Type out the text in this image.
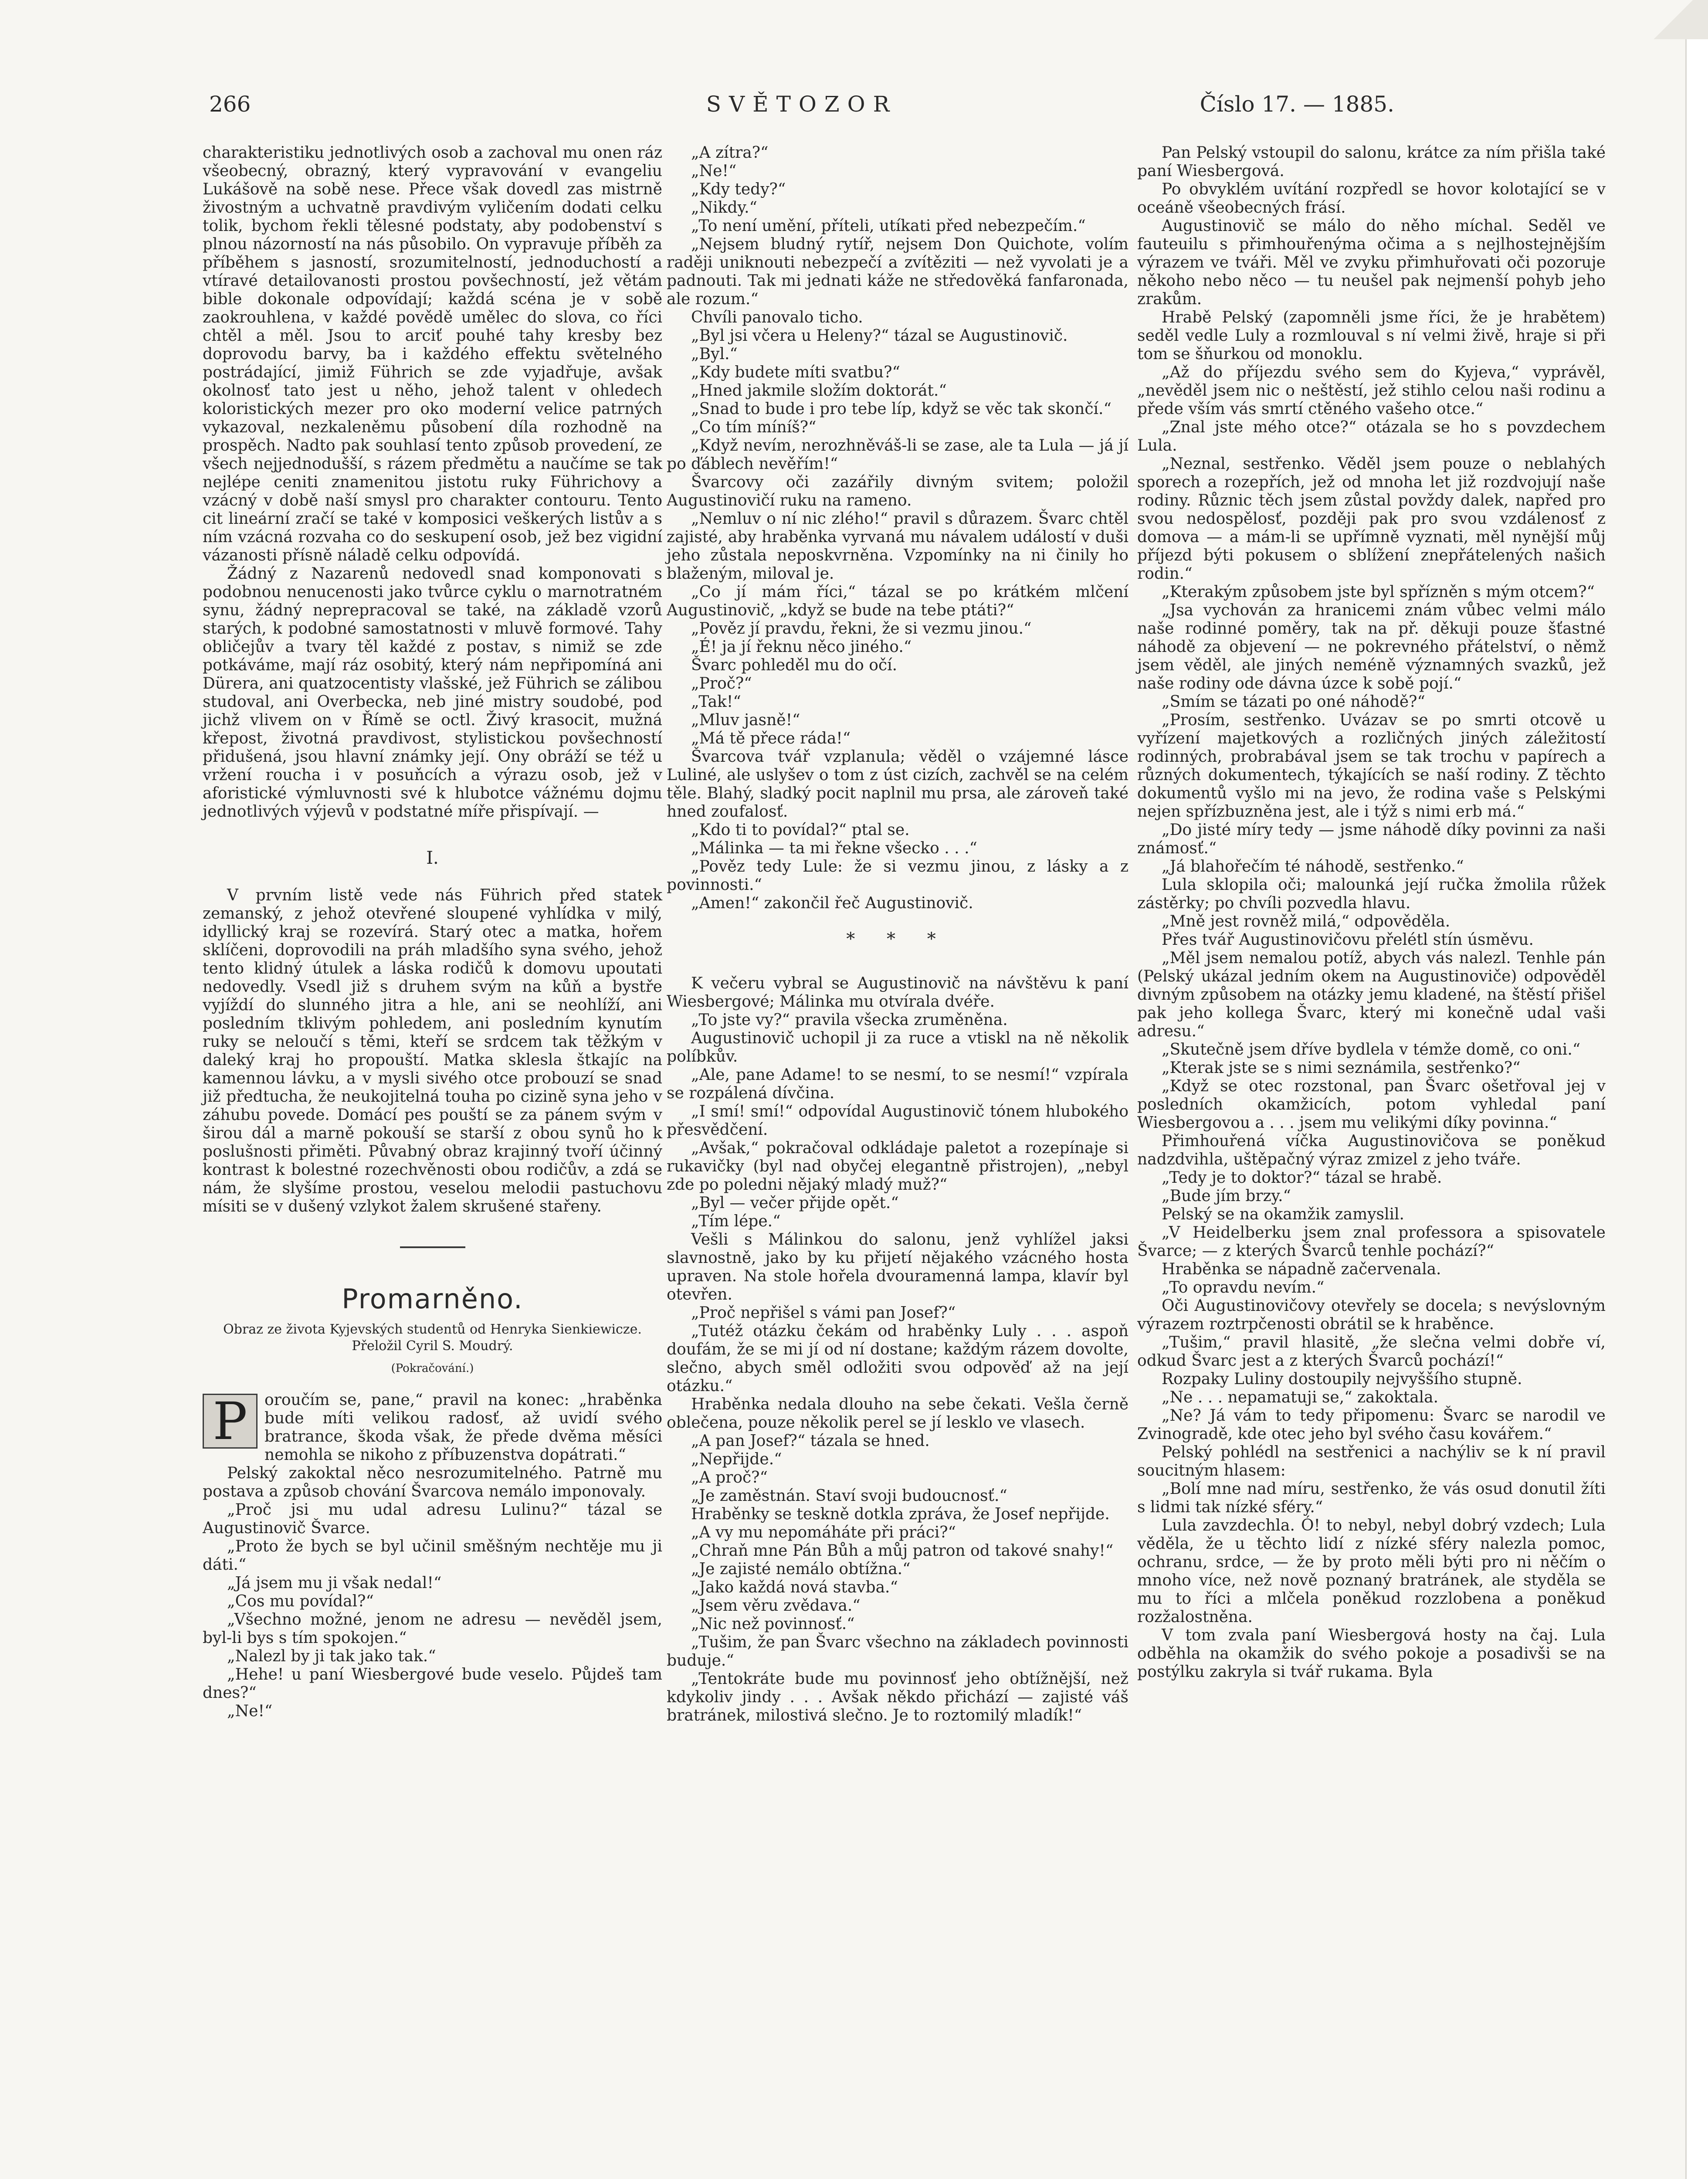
266	SVĚTOZOR	Číslo 17. — 1885.

charakteristiku jednotlivých osob a zachoval mu onen ráz všeobecný, obrazný, který vypravování v evangeliu Lukášově na sobě nese. Přece však dovedl zas mistrně živostným a uchvatně pravdivým vyličením dodati celku tolik, bychom řekli tělesné podstaty, aby podobenství s plnou názorností na nás působilo. On vypravuje příběh za příběhem s jasností, srozumitelností, jednoduchostí a vtíravé detailovanosti prostou povšechností, jež větám bible dokonale odpovídají; každá scéna je v sobě zaokrouhlena, v každé povědě umělec do slova, co říci chtěl a měl. Jsou to arciť pouhé tahy kresby bez doprovodu barvy, ba i každého effektu světelného postrádající, jimiž Führich se zde vyjadřuje, avšak okolnosť tato jest u něho, jehož talent v ohledech koloristických mezer pro oko moderní velice patrných vykazoval, nezkaleněmu působení díla rozhodně na prospěch. Nadto pak souhlasí tento způsob provedení, ze všech nejjednodušší, s rázem předmětu a naučíme se tak nejlépe ceniti znamenitou jistotu ruky Führichovy a vzácný v době naší smysl pro charakter contouru. Tento cit lineární zračí se také v komposici veškerých listův a s ním vzácná rozvaha co do seskupení osob, jež bez vigidní vázanosti přísně náladě celku odpovídá.

Žádný z Nazarenů nedovedl snad komponovati s podobnou nenucenosti jako tvůrce cyklu o marnotratném synu, žádný neprepracoval se také, na základě vzorů starých, k podobné samostatnosti v mluvě formové. Tahy obličejův a tvary těl každé z postav, s nimiž se zde potkáváme, mají ráz osobitý, který nám nepřipomíná ani Dürera, ani quatzocentisty vlašské, jež Führich se zálibou studoval, ani Overbecka, neb jiné mistry soudobé, pod jichž vlivem on v Římě se octl. Živý krasocit, mužná křepost, životná pravdivost, stylistickou povšechností přidušená, jsou hlavní známky její. Ony obráží se též u vržení roucha i v posuňcích a výrazu osob, jež v aforistické výmluvnosti své k hlubotce vážnému dojmu jednotlivých výjevů v podstatné míře přispívají. —

I.

V prvním listě vede nás Führich před statek zemanský, z jehož otevřené sloupené vyhlídka v milý, idyllický kraj se rozevírá. Starý otec a matka, hořem sklíčeni, doprovodili na práh mladšího syna svého, jehož tento klidný útulek a láska rodičů k domovu upoutati nedovedly. Vsedl již s druhem svým na kůň a bystře vyjíždí do slunného jitra a hle, ani se neohlíží, ani posledním tklivým pohledem, ani posledním kynutím ruky se neloučí s těmi, kteří se srdcem tak těžkým v daleký kraj ho propouští. Matka sklesla štkajíc na kamennou lávku, a v mysli sivého otce probouzí se snad již předtucha, že neukojitelná touha po cizině syna jeho v záhubu povede. Domácí pes pouští se za pánem svým v širou dál a marně pokouší se starší z obou synů ho k poslušnosti přiměti. Půvabný obraz krajinný tvoří účinný kontrast k bolestné rozechvěnosti obou rodičův, a zdá se nám, že slyšíme prostou, veselou melodii pastuchovu mísiti se v dušený vzlykot žalem skrušené stařeny.

Promarněno.
Obraz ze života Kyjevských studentů od Henryka Sienkiewicze. Přeložil Cyril S. Moudrý.
(Pokračování.)

P	oroučím se, pane,“ pravil na konec: „hraběnka bude míti velikou radosť, až uvidí svého bratrance, škoda však, že přede dvěma měsíci nemohla se nikoho z příbuzenstva dopátrati.“

Pelský zakoktal něco nesrozumitelného. Patrně mu postava a způsob chování Švarcova nemálo imponovaly.

„Proč jsi mu udal adresu Lulinu?“ tázal se Augustinovič Švarce.

„Proto že bych se byl učinil směšným nechtěje mu ji dáti.“

„Já jsem mu ji však nedal!“

„Cos mu povídal?“

„Všechno možné, jenom ne adresu — nevěděl jsem, byl-li bys s tím spokojen.“

„Nalezl by ji tak jako tak.“

„Hehe! u paní Wiesbergové bude veselo. Půjdeš tam dnes?“

„Ne!“

„A zítra?“

„Ne!“

„Kdy tedy?“

„Nikdy.“

„To není umění, příteli, utíkati před nebezpečím.“

„Nejsem bludný rytíř, nejsem Don Quichote, volím raději uniknouti nebezpečí a zvítěziti — než vyvolati je a padnouti. Tak mi jednati káže ne středověká fanfaronada, ale rozum.“

Chvíli panovalo ticho.

„Byl jsi včera u Heleny?“ tázal se Augustinovič.

„Byl.“

„Kdy budete míti svatbu?“

„Hned jakmile složím doktorát.“

„Snad to bude i pro tebe líp, když se věc tak skončí.“

„Co tím míníš?“

„Když nevím, nerozhněváš-li se zase, ale ta Lula — já jí po ďáblech nevěřím!“

Švarcovy oči zazářily divným svitem; položil Augustinovičí ruku na rameno.

„Nemluv o ní nic zlého!“ pravil s důrazem. Švarc chtěl zajisté, aby hraběnka vyrvaná mu návalem událostí v duši jeho zůstala neposkvrněna. Vzpomínky na ni činily ho blaženým, miloval je.

„Co jí mám říci,“ tázal se po krátkém mlčení Augustinovič, „když se bude na tebe ptáti?“

„Pověz jí pravdu, řekni, že si vezmu jinou.“

„É! ja jí řeknu něco jiného.“

Švarc pohleděl mu do očí.

„Proč?“

„Tak!“

„Mluv jasně!“

„Má tě přece ráda!“

Švarcova tvář vzplanula; věděl o vzájemné lásce Luliné, ale uslyšev o tom z úst cizích, zachvěl se na celém těle. Blahý, sladký pocit naplnil mu prsa, ale zároveň také hned zoufalosť.

„Kdo ti to povídal?“ ptal se.

„Málinka — ta mi řekne všecko . . .“

„Pověz tedy Lule: že si vezmu jinou, z lásky a z povinnosti.“

„Amen!“ zakončil řeč Augustinovič.

* * *

K večeru vybral se Augustinovič na návštěvu k paní Wiesbergové; Málinka mu otvírala dvéře.

„To jste vy?“ pravila všecka zruměněna.

Augustinovič uchopil ji za ruce a vtiskl na ně několik políbkův.

„Ale, pane Adame! to se nesmí, to se nesmí!“ vzpírala se rozpálená dívčina.

„I smí! smí!“ odpovídal Augustinovič tónem hlubokého přesvědčení.

„Avšak,“ pokračoval odkládaje paletot a rozepínaje si rukavičky (byl nad obyčej elegantně přistrojen), „nebyl zde po poledni nějaký mladý muž?“

„Byl — večer přijde opět.“

„Tím lépe.“

Vešli s Málinkou do salonu, jenž vyhlížel jaksi slavnostně, jako by ku přijetí nějakého vzácného hosta upraven. Na stole hořela dvouramenná lampa, klavír byl otevřen.

„Proč nepřišel s vámi pan Josef?“

„Tutéž otázku čekám od hraběnky Luly . . . aspoň doufám, že se mi jí od ní dostane; každým rázem dovolte, slečno, abych směl odložiti svou odpověď až na její otázku.“

Hraběnka nedala dlouho na sebe čekati. Vešla černě oblečena, pouze několik perel se jí lesklo ve vlasech.

„A pan Josef?“ tázala se hned.

„Nepřijde.“

„A proč?“

„Je zaměstnán. Staví svoji budoucnosť.“

Hraběnky se teskně dotkla zpráva, že Josef nepřijde.

„A vy mu nepomáháte při práci?“

„Chraň mne Pán Bůh a můj patron od takové snahy!“

„Je zajisté nemálo obtížna.“

„Jako každá nová stavba.“

„Jsem věru zvědava.“

„Nic než povinnosť.“

„Tušim, že pan Švarc všechno na základech povinnosti buduje.“

„Tentokráte bude mu povinnosť jeho obtížnější, než kdykoliv jindy . . . Avšak někdo přichází — zajisté váš bratránek, milostivá slečno. Je to roztomilý mladík!“

Pan Pelský vstoupil do salonu, krátce za ním přišla také paní Wiesbergová.

Po obvyklém uvítání rozpředl se hovor kolotající se v oceáně všeobecných frásí.

Augustinovič se málo do něho míchal. Seděl ve fauteuilu s přimhouřenýma očima a s nejlhostejnějším výrazem ve tváři. Měl ve zvyku přimhuřovati oči pozoruje někoho nebo něco — tu neušel pak nejmenší pohyb jeho zrakům.

Hrabě Pelský (zapomněli jsme říci, že je hrabětem) seděl vedle Luly a rozmlouval s ní velmi živě, hraje si při tom se šňurkou od monoklu.

„Až do příjezdu svého sem do Kyjeva,“ vyprávěl, „nevěděl jsem nic o neštěstí, jež stihlo celou naši rodinu a přede vším vás smrtí ctěného vašeho otce.“

„Znal jste mého otce?“ otázala se ho s povzdechem Lula.

„Neznal, sestřenko. Věděl jsem pouze o neblahých sporech a rozepřích, jež od mnoha let již rozdvojují naše rodiny. Různic těch jsem zůstal povždy dalek, napřed pro svou nedospělosť, později pak pro svou vzdálenosť z domova — a mám-li se upřímně vyznati, měl nynější můj příjezd býti pokusem o sblížení znepřátelených našich rodin.“

„Kterakým způsobem jste byl spřízněn s mým otcem?“

„Jsa vychován za hranicemi znám vůbec velmi málo naše rodinné poměry, tak na př. děkuji pouze šťastné náhodě za objevení — ne pokrevného přátelství, o němž jsem věděl, ale jiných neméně významných svazků, jež naše rodiny ode dávna úzce k sobě pojí.“

„Smím se tázati po oné náhodě?“

„Prosím, sestřenko. Uvázav se po smrti otcově u vyřízení majetkových a rozličných jiných záležitostí rodinných, probrabával jsem se tak trochu v papírech a různých dokumentech, týkajících se naší rodiny. Z těchto dokumentů vyšlo mi na jevo, že rodina vaše s Pelskými nejen spřízbuzněna jest, ale i týž s nimi erb má.“

„Do jisté míry tedy — jsme náhodě díky povinni za naši známosť.“

„Já blahořečím té náhodě, sestřenko.“

Lula sklopila oči; malounká její ručka žmolila růžek zástěrky; po chvíli pozvedla hlavu.

„Mně jest rovněž milá,“ odpověděla.

Přes tvář Augustinovičovu přelétl stín úsměvu.

„Měl jsem nemalou potíž, abych vás nalezl. Tenhle pán (Pelský ukázal jedním okem na Augustinoviče) odpověděl divným způsobem na otázky jemu kladené, na štěstí přišel pak jeho kollega Švarc, který mi konečně udal vaši adresu.“

„Skutečně jsem dříve bydlela v témže domě, co oni.“

„Kterak jste se s nimi seznámila, sestřenko?“

„Když se otec rozstonal, pan Švarc ošetřoval jej v posledních okamžicích, potom vyhledal paní Wiesbergovou a . . . jsem mu velikými díky povinna.“

Přimhouřená víčka Augustinovičova se poněkud nadzdvihla, uštěpačný výraz zmizel z jeho tváře.

„Tedy je to doktor?“ tázal se hrabě.

„Bude jím brzy.“

Pelský se na okamžik zamyslil.

„V Heidelberku jsem znal professora a spisovatele Švarce; — z kterých Švarců tenhle pochází?“

Hraběnka se nápadně začervenala.

„To opravdu nevím.“

Oči Augustinovičovy otevřely se docela; s nevýslovným výrazem roztrpčenosti obrátil se k hraběnce.

„Tušim,“ pravil hlasitě, „že slečna velmi dobře ví, odkud Švarc jest a z kterých Švarců pochází!“

Rozpaky Luliny dostoupily nejvyššího stupně.

„Ne . . . nepamatuji se,“ zakoktala.

„Ne? Já vám to tedy připomenu: Švarc se narodil ve Zvinogradě, kde otec jeho byl svého času kovářem.“

Pelský pohlédl na sestřenici a nachýliv se k ní pravil soucitným hlasem:

„Bolí mne nad míru, sestřenko, že vás osud donutil žíti s lidmi tak nízké sféry.“

Lula zavzdechla. Ó! to nebyl, nebyl dobrý vzdech; Lula věděla, že u těchto lidí z nízké sféry nalezla pomoc, ochranu, srdce, — že by proto měli býti pro ni něčím o mnoho více, než nově poznaný bratránek, ale styděla se mu to říci a mlčela poněkud rozzlobena a poněkud rozžalostněna.

V tom zvala paní Wiesbergová hosty na čaj. Lula odběhla na okamžik do svého pokoje a posadivši se na postýlku zakryla si tvář rukama. Byla
